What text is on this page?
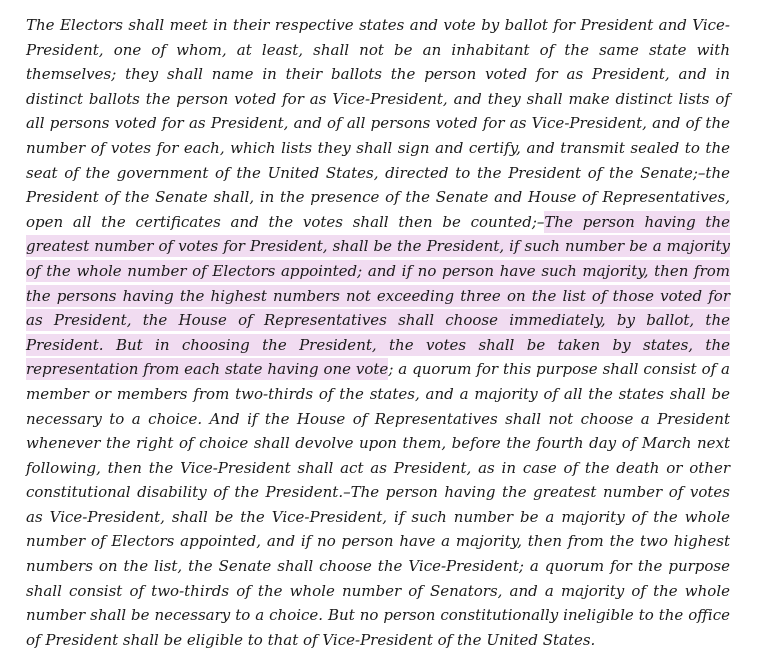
The Electors shall meet in their respective states and vote by ballot for President and Vice-President, one of whom, at least, shall not be an inhabitant of the same state with themselves; they shall name in their ballots the person voted for as President, and in distinct ballots the person voted for as Vice-President, and they shall make distinct lists of all persons voted for as President, and of all persons voted for as Vice-President, and of the number of votes for each, which lists they shall sign and certify, and transmit sealed to the seat of the government of the United States, directed to the President of the Senate;–the President of the Senate shall, in the presence of the Senate and House of Representatives, open all the certificates and the votes shall then be counted;–The person having the greatest number of votes for President, shall be the President, if such number be a majority of the whole number of Electors appointed; and if no person have such majority, then from the persons having the highest numbers not exceeding three on the list of those voted for as President, the House of Representatives shall choose immediately, by ballot, the President. But in choosing the President, the votes shall be taken by states, the representation from each state having one vote; a quorum for this purpose shall consist of a member or members from two-thirds of the states, and a majority of all the states shall be necessary to a choice. And if the House of Representatives shall not choose a President whenever the right of choice shall devolve upon them, before the fourth day of March next following, then the Vice-President shall act as President, as in case of the death or other constitutional disability of the President.–The person having the greatest number of votes as Vice-President, shall be the Vice-President, if such number be a majority of the whole number of Electors appointed, and if no person have a majority, then from the two highest numbers on the list, the Senate shall choose the Vice-President; a quorum for the purpose shall consist of two-thirds of the whole number of Senators, and a majority of the whole number shall be necessary to a choice. But no person constitutionally ineligible to the office of President shall be eligible to that of Vice-President of the United States.
